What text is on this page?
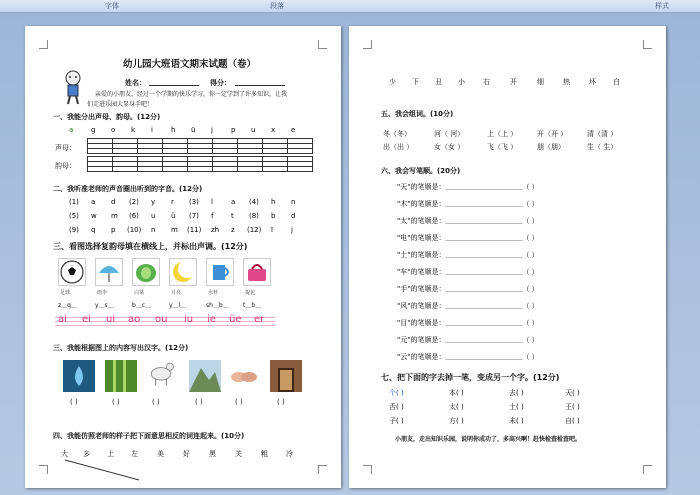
字体	段落	样式
幼儿园大班语文期末试题（卷）
姓名：	得分：
亲爱的小朋友，经过一个学期的快乐学习，你一定学到了许多知识，让我
们走进乐园大显身手吧！
一、我能分出声母、韵母。(12分)
a	g o k i	h ū j	p u x e
声母：

韵母：

二、我听准老师的声音圈出听到的字音。(12分)
(1) a d (2) y r (3) l	a (4) h n
(5) w m (6) u ü (7) f	t (8) b d
(9) q p (10) n m (11) zh z (12) ī	j
三、看图选择复韵母填在横线上，并标出声调。(12分)
足球	雨伞	白菜	月亮	水杯	提包
z＿q＿	y＿s＿	b＿c＿	y＿l＿	sh＿b＿ t＿b＿
ai ei ui ao ou iu ie üe er
三、我能根据图上的内容写出汉字。(12分)
( )	( )	( )	( )	( )	( )
四、我能仿照老师的样子把下面意思相反的词连起来。(10分)
大 多 上 左	美	好	黑	关	粗	冷
少 下 丑 小	右	开	细	热	坏 白
五、我会组词。(10分)
冬（冬）	河（ 河）	上（上 ）	开（开 ）	清（清 ）
出（出 ）	女（女 ）	飞（飞 ）	朋（朋）	生（ 生）
六、我会写笔顺。(20分)
"天"的笔顺是：＿＿＿＿＿＿＿＿＿＿＿（ ）
"木"的笔顺是：＿＿＿＿＿＿＿＿＿＿＿（ ）
"太"的笔顺是：＿＿＿＿＿＿＿＿＿＿＿（ ）
"电"的笔顺是：＿＿＿＿＿＿＿＿＿＿＿（ ）
"土"的笔顺是：＿＿＿＿＿＿＿＿＿＿＿（ ）
"车"的笔顺是：＿＿＿＿＿＿＿＿＿＿＿（ ）
"手"的笔顺是：＿＿＿＿＿＿＿＿＿＿＿（ ）
"风"的笔顺是：＿＿＿＿＿＿＿＿＿＿＿（ ）
"目"的笔顺是：＿＿＿＿＿＿＿＿＿＿＿（ ）
"元"的笔顺是：＿＿＿＿＿＿＿＿＿＿＿（ ）
"云"的笔顺是：＿＿＿＿＿＿＿＿＿＿＿（ ）
七、把下面的字去掉一笔，变成另一个字。(12分)
个( )	本( )	去( )	天( )
舌( )	太( )	土( )	王( )
子( )	方( )	未( )	自( )
小朋友，走出知识乐园，说明你成功了，多高兴啊！赶快检查检查吧。
